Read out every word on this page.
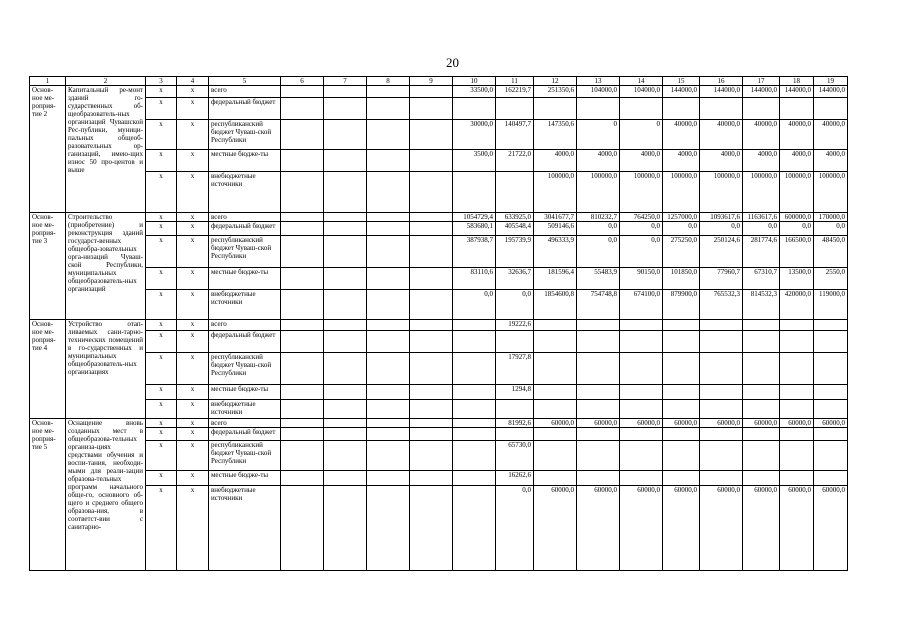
20
1	2	3	4	5	6	7	8	9	10	11	12	13	14	15	16	17	18	19
Основ-ное ме-роприя-тие 2	Капитальный ре-монт зданий го-сударственных об-щеобразователь-ных организаций Чувашской Рес-публики, муници-пальных общеоб-разовательных ор-ганизаций, имею-щих износ 50 про-центов и выше	х	х	всего					33500,0	162219,7	251350,6	104000,0	104000,0	144000,0	144000,0	144000,0	144000,0	144000,0
		х	х	федеральный бюджет														
		х	х	республиканский бюджет Чуваш-ской Республики					30000,0	140497,7	147350,6	0	0	40000,0	40000,0	40000,0	40000,0	40000,0
		х	х	местные бюдже-ты					3500,0	21722,0	4000,0	4000,0	4000,0	4000,0	4000,0	4000,0	4000,0	4000,0
		х	х	внебюджетные источники							100000,0	100000,0	100000,0	100000,0	100000,0	100000,0	100000,0	100000,0
Основ-ное ме-роприя-тие 3	Строительство (приобретение) и реконструкция зданий государст-венных общеобра-зовательных орга-низаций Чуваш-ской Республики, муниципальных общеобразователь-ных организаций	х	х	всего					1054729,4	633925,0	3041677,7	810232,7	764250,0	1257000,0	1093617,6	1163617,6	600000,0	170000,0
		х	х	федеральный бюджет					583680,1	405548,4	509146,6	0,0	0,0	0,0	0,0	0,0	0,0	0,0
		х	х	республиканский бюджет Чуваш-ской Республики					387938,7	195739,9	496333,9	0,0	0,0	275250,0	250124,6	281774,6	166500,0	48450,0
		х	х	местные бюдже-ты					83110,6	32636,7	181596,4	55483,9	90150,0	101850,0	77960,7	67310,7	13500,0	2550,0
		х	х	внебюджетные источники					0,0	0,0	1854600,8	754748,8	674100,0	879900,0	765532,3	814532,3	420000,0	119000,0
Основ-ное ме-роприя-тие 4	Устройство отап-ливаемых сани-тарно-технических помещений в го-сударственных и муниципальных общеобразователь-ных организациях	х	х	всего						19222,6								
		х	х	федеральный бюджет														
		х	х	республиканский бюджет Чуваш-ской Республики						17927,8								
		х	х	местные бюдже-ты						1294,8								
		х	х	внебюджетные источники														
Основ-ное ме-роприя-тие 5	Оснащение вновь созданных мест в общеобразова-тельных организа-циях средствами обучения и воспи-тания, необходи-мыми для реали-зации образова-тельных программ начального обще-го, основного об-щего и среднего общего образова-ния, в соответст-вии с санитарно-	х	х	всего						81992,6	60000,0	60000,0	60000,0	60000,0	60000,0	60000,0	60000,0	60000,0
		х	х	федеральный бюджет														
		х	х	республиканский бюджет Чуваш-ской Республики						65730,0								
		х	х	местные бюдже-ты						16262,6								
		х	х	внебюджетные источники						0,0	60000,0	60000,0	60000,0	60000,0	60000,0	60000,0	60000,0	60000,0
